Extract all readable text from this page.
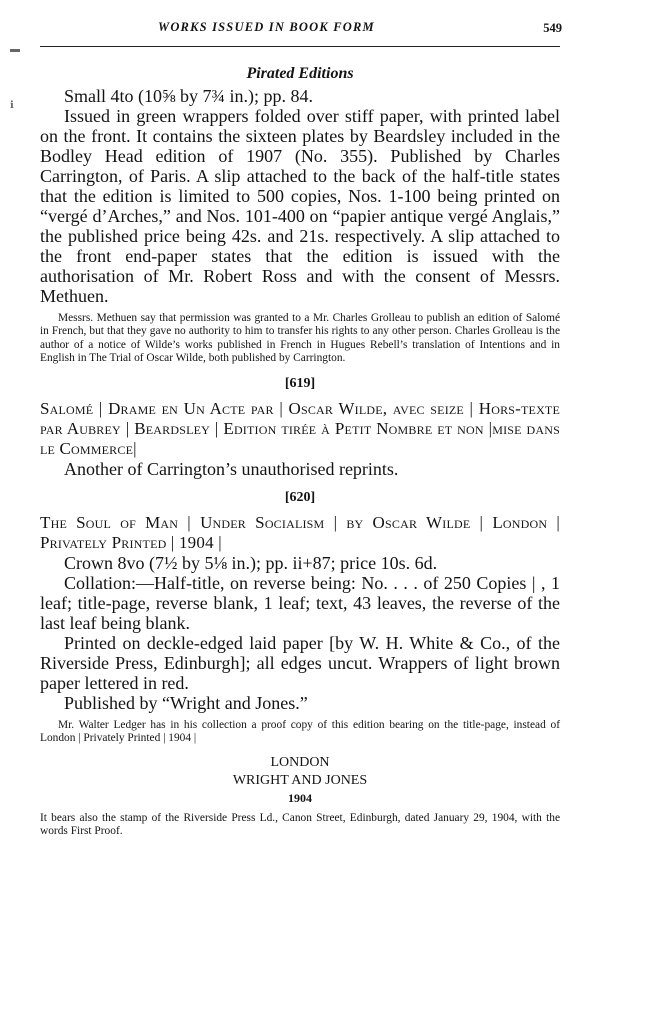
▬
ℹ
WORKS ISSUED IN BOOK FORM	549
Pirated Editions

Small 4to (10⅝ by 7¾ in.); pp. 84.

Issued in green wrappers folded over stiff paper, with printed label on the front. It contains the sixteen plates by Beardsley included in the Bodley Head edition of 1907 (No. 355). Published by Charles Carrington, of Paris. A slip attached to the back of the half-title states that the edition is limited to 500 copies, Nos. 1-100 being printed on “vergé d’Arches,” and Nos. 101-400 on “papier antique vergé Anglais,” the published price being 42s. and 21s. respectively. A slip attached to the front end-paper states that the edition is issued with the authorisation of Mr. Robert Ross and with the consent of Messrs. Methuen.

Messrs. Methuen say that permission was granted to a Mr. Charles Grolleau to publish an edition of Salomé in French, but that they gave no authority to him to transfer his rights to any other person. Charles Grolleau is the author of a notice of Wilde’s works published in French in Hugues Rebell’s translation of Intentions and in English in The Trial of Oscar Wilde, both published by Carrington.

[619]

Salomé | Drame en Un Acte par | Oscar Wilde, avec seize | Hors-texte par Aubrey | Beardsley | Edition tirée à Petit Nombre et non |mise dans le Commerce|

Another of Carrington’s unauthorised reprints.

[620]

The Soul of Man | Under Socialism | by Oscar Wilde | London | Privately Printed | 1904 |

Crown 8vo (7½ by 5⅛ in.); pp. ii+87; price 10s. 6d.

Collation:—Half-title, on reverse being: No. . . . of 250 Copies | , 1 leaf; title-page, reverse blank, 1 leaf; text, 43 leaves, the reverse of the last leaf being blank.

Printed on deckle-edged laid paper [by W. H. White & Co., of the Riverside Press, Edinburgh]; all edges uncut. Wrappers of light brown paper lettered in red.

Published by “Wright and Jones.”

Mr. Walter Ledger has in his collection a proof copy of this edition bearing on the title-page, instead of London | Privately Printed | 1904 |

LONDON
WRIGHT AND JONES
1904

It bears also the stamp of the Riverside Press Ld., Canon Street, Edinburgh, dated January 29, 1904, with the words First Proof.
